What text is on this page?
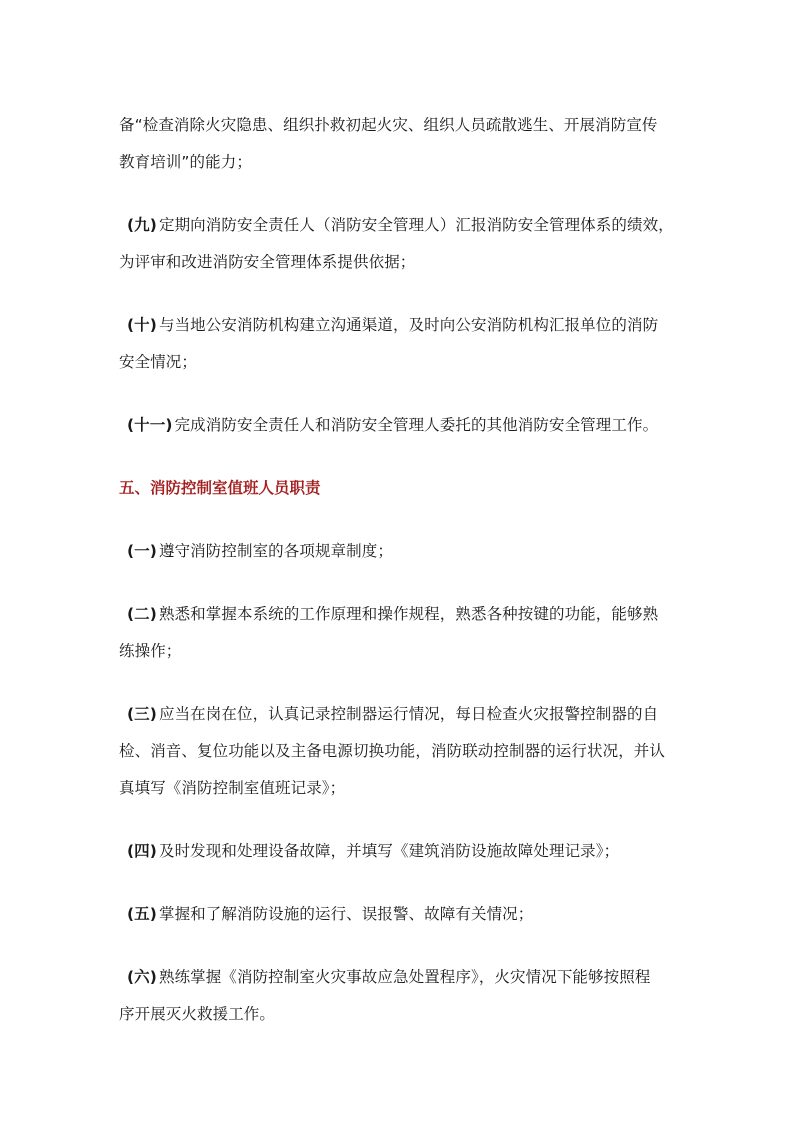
备“检查消除火灾隐患、组织扑救初起火灾、组织人员疏散逃生、开展消防宣传
教育培训”的能力；
(九) 定期向消防安全责任人（消防安全管理人）汇报消防安全管理体系的绩效，
为评审和改进消防安全管理体系提供依据；
(十) 与当地公安消防机构建立沟通渠道，及时向公安消防机构汇报单位的消防
安全情况；
(十一) 完成消防安全责任人和消防安全管理人委托的其他消防安全管理工作。
五、消防控制室值班人员职责
(一) 遵守消防控制室的各项规章制度；
(二) 熟悉和掌握本系统的工作原理和操作规程，熟悉各种按键的功能，能够熟
练操作；
(三) 应当在岗在位，认真记录控制器运行情况，每日检查火灾报警控制器的自
检、消音、复位功能以及主备电源切换功能，消防联动控制器的运行状况，并认
真填写《消防控制室值班记录》；
(四) 及时发现和处理设备故障，并填写《建筑消防设施故障处理记录》；
(五) 掌握和了解消防设施的运行、误报警、故障有关情况；
(六) 熟练掌握《消防控制室火灾事故应急处置程序》，火灾情况下能够按照程
序开展灭火救援工作。
